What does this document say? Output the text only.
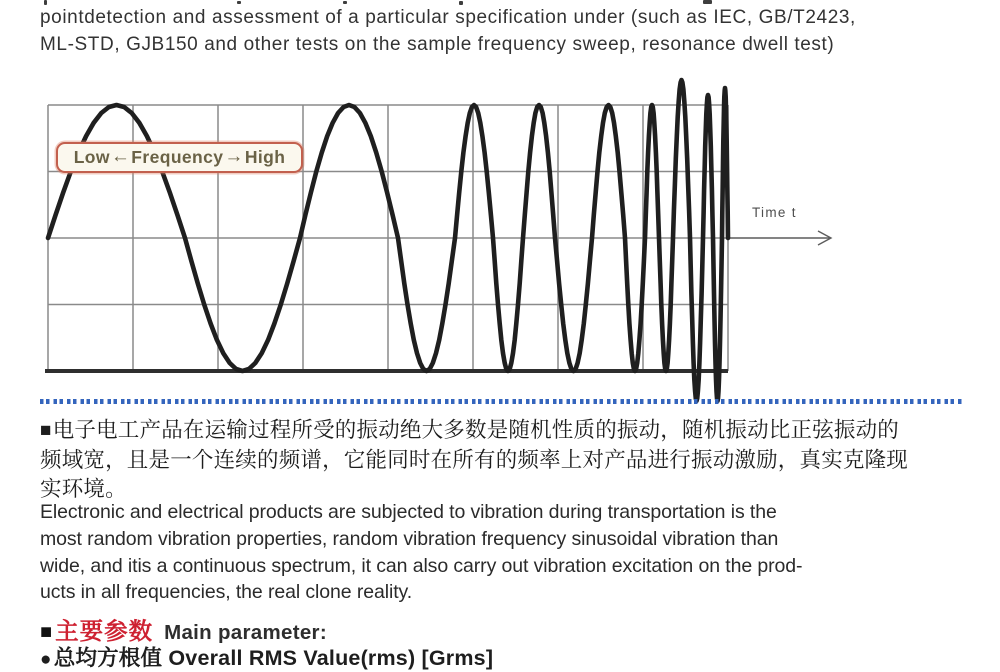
pointdetection and assessment of a particular specification under (such as IEC, GB/T2423,
ML-STD, GJB150 and other tests on the sample frequency sweep, resonance dwell test)
Low ← Frequency → High
Time t
■电子电工产品在运输过程所受的振动绝大多数是随机性质的振动，随机振动比正弦振动的
频域宽，且是一个连续的频谱，它能同时在所有的频率上对产品进行振动激励，真实克隆现
实环境。
Electronic and electrical products are subjected to vibration during transportation is the
most random vibration properties, random vibration frequency sinusoidal vibration than
wide, and itis a continuous spectrum, it can also carry out vibration excitation on the prod-
ucts in all frequencies, the real clone reality.
■ 主要参数 Main parameter:
●总均方根值 Overall RMS Value(rms) [Grms]
